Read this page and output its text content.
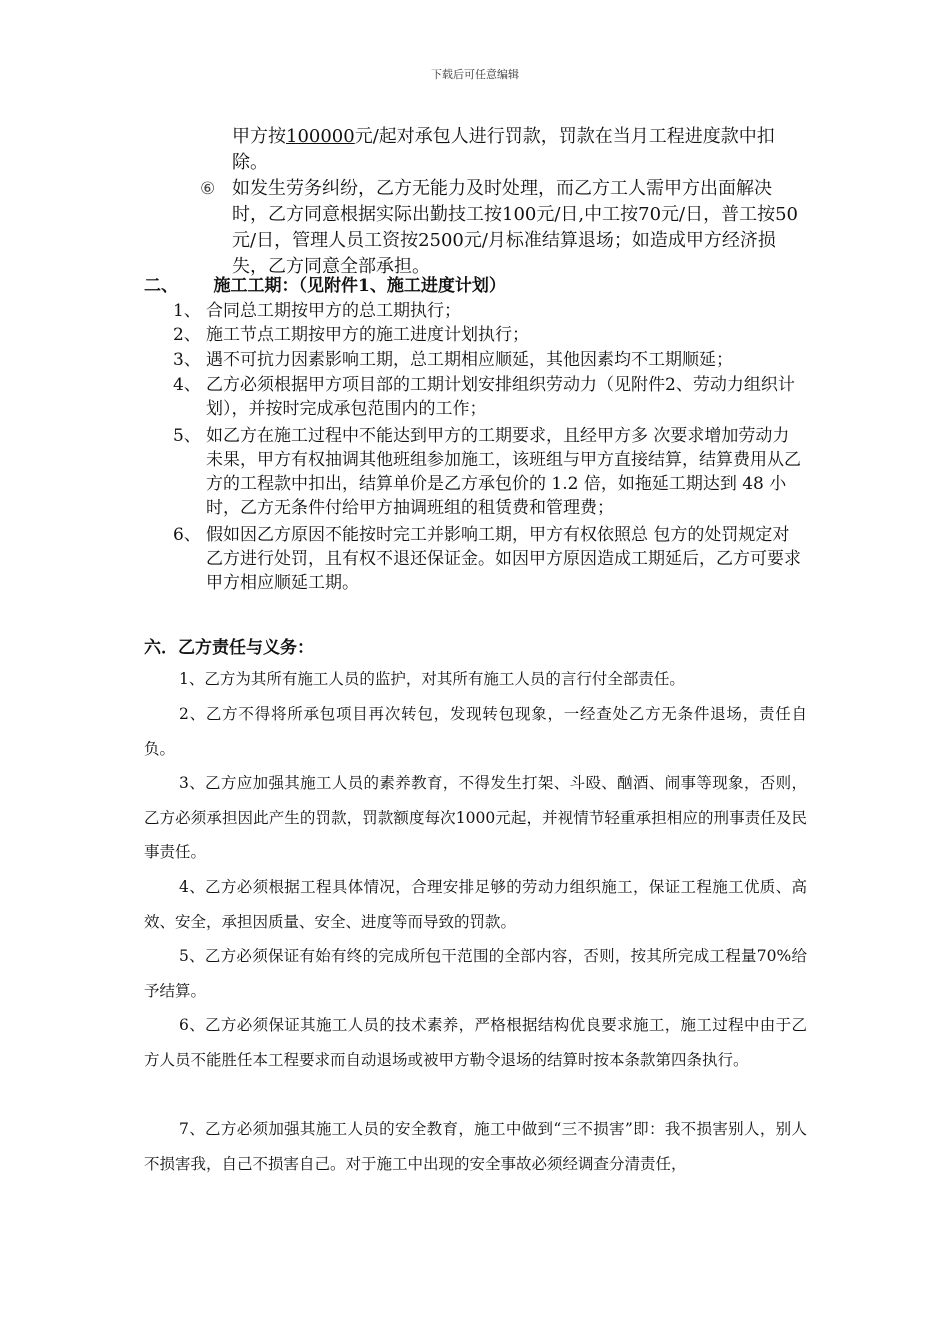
下载后可任意编辑
甲方按100000元/起对承包人进行罚款，罚款在当月工程进度款中扣
除。
⑥ 如发生劳务纠纷，乙方无能力及时处理，而乙方工人需甲方出面解决时，乙方同意根据实际出勤技工按100元/日,中工按70元/日，普工按50元/日，管理人员工资按2500元/月标准结算退场；如造成甲方经济损失，乙方同意全部承担。
二、 施工工期：（见附件1、施工进度计划）
1、 合同总工期按甲方的总工期执行；
2、 施工节点工期按甲方的施工进度计划执行；
3、 遇不可抗力因素影响工期，总工期相应顺延，其他因素均不工期顺延；
4、 乙方必须根据甲方项目部的工期计划安排组织劳动力（见附件2、劳动力组织计划），并按时完成承包范围内的工作；
5、 如乙方在施工过程中不能达到甲方的工期要求，且经甲方多 次要求增加劳动力未果，甲方有权抽调其他班组参加施工，该班组与甲方直接结算，结算费用从乙方的工程款中扣出，结算单价是乙方承包价的 1.2 倍，如拖延工期达到 48 小时，乙方无条件付给甲方抽调班组的租赁费和管理费；
6、 假如因乙方原因不能按时完工并影响工期，甲方有权依照总 包方的处罚规定对乙方进行处罚，且有权不退还保证金。如因甲方原因造成工期延后，乙方可要求甲方相应顺延工期。
六．乙方责任与义务：
1、乙方为其所有施工人员的监护，对其所有施工人员的言行付全部责任。
2、乙方不得将所承包项目再次转包，发现转包现象，一经查处乙方无条件退场，责任自负。
3、乙方应加强其施工人员的素养教育，不得发生打架、斗殴、酗酒、闹事等现象，否则，乙方必须承担因此产生的罚款，罚款额度每次1000元起，并视情节轻重承担相应的刑事责任及民事责任。
4、乙方必须根据工程具体情况，合理安排足够的劳动力组织施工，保证工程施工优质、高效、安全，承担因质量、安全、进度等而导致的罚款。
5、乙方必须保证有始有终的完成所包干范围的全部内容，否则，按其所完成工程量70%给予结算。
6、乙方必须保证其施工人员的技术素养，严格根据结构优良要求施工，施工过程中由于乙方人员不能胜任本工程要求而自动退场或被甲方勒令退场的结算时按本条款第四条执行。
7、乙方必须加强其施工人员的安全教育，施工中做到“三不损害”即：我不损害别人，别人不损害我，自己不损害自己。对于施工中出现的安全事故必须经调查分清责任，
